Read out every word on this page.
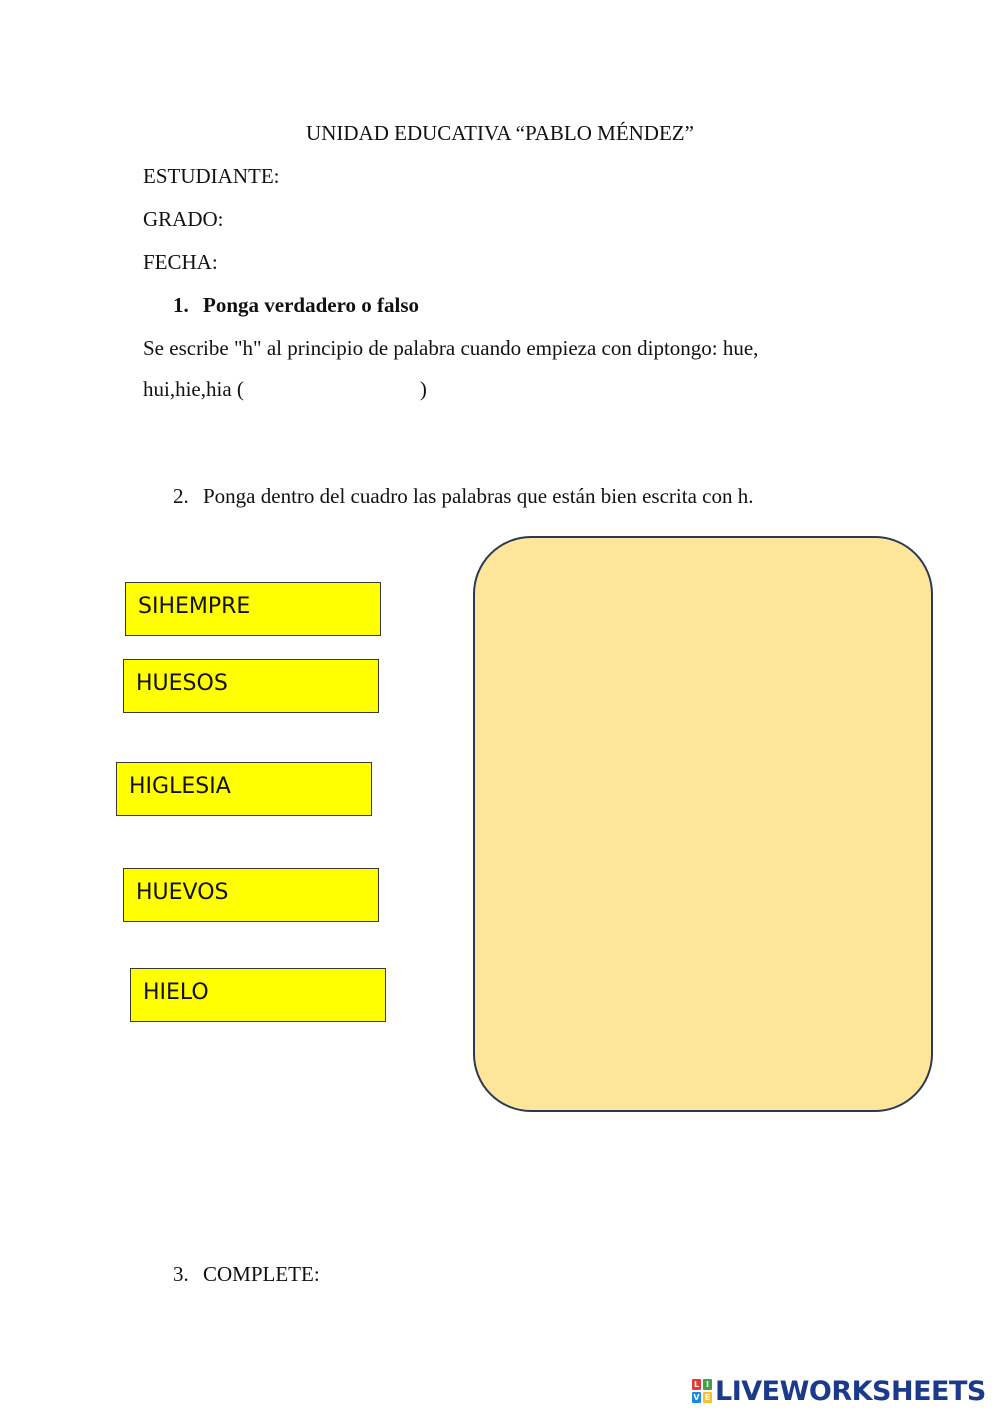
UNIDAD EDUCATIVA “PABLO MÉNDEZ”
ESTUDIANTE:
GRADO:
FECHA:
1. Ponga verdadero o falso
Se escribe "h" al principio de palabra cuando empieza con diptongo: hue,
hui,hie,hia (	)
2. Ponga dentro del cuadro las palabras que están bien escrita con h.
SIHEMPRE
HUESOS
HIGLESIA
HUEVOS
HIELO
3. COMPLETE:
L I
V E LIVEWORKSHEETS
